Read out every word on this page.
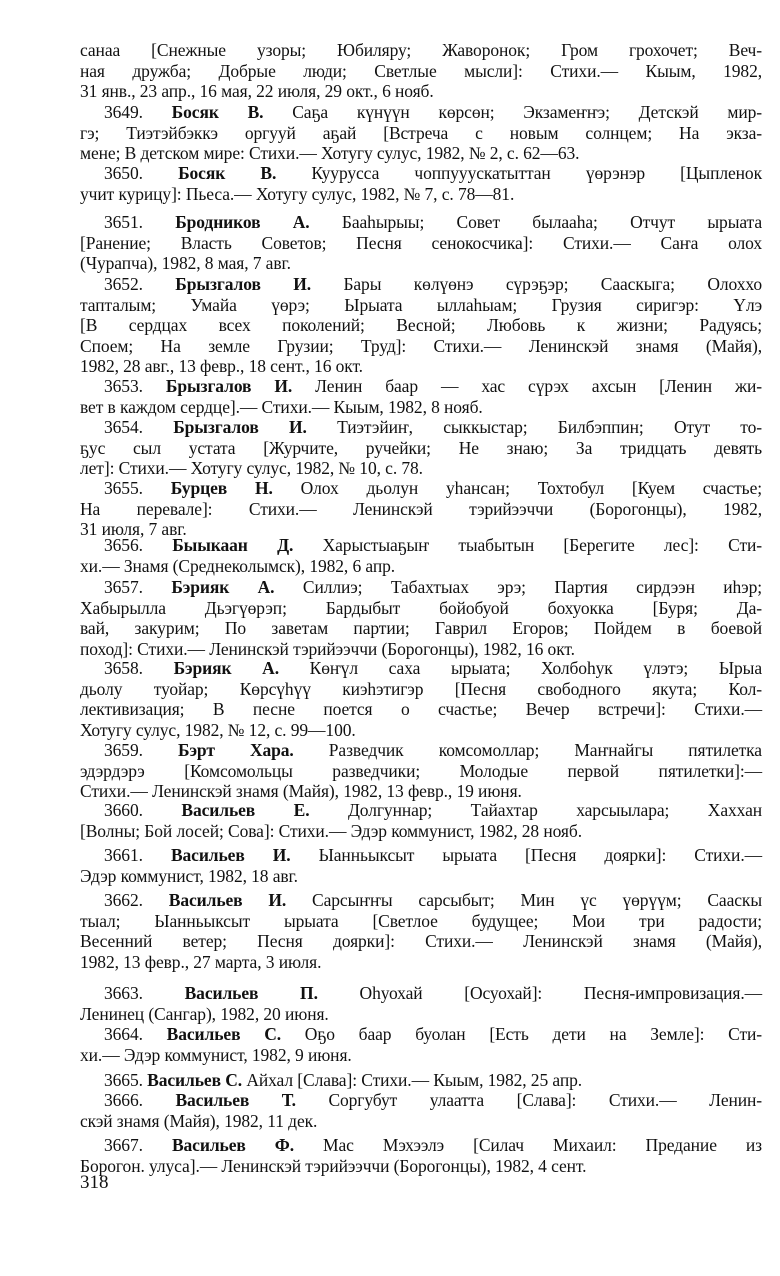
санаа [Снежные узоры; Юбиляру; Жаворонок; Гром грохочет; Веч-
ная дружба; Добрые люди; Светлые мысли]: Стихи.— Кыым, 1982,
31 янв., 23 апр., 16 мая, 22 июля, 29 окт., 6 нояб.
3649. Босяк В. Саҕа күнүүн көрсөн; Экзамеҥҥэ; Детскэй мир-
гэ; Тиэтэйбэккэ оргууй аҕай [Встреча с новым солнцем; На экза-
мене; В детском мире: Стихи.— Хотугу сулус, 1982, № 2, с. 62—63.
3650. Босяк В. Куурусса чоппууускатыттан үөрэнэр [Цыпленок
учит курицу]: Пьеса.— Хотугу сулус, 1982, № 7, с. 78—81.
3651. Бродников А. Бааһырыы; Совет былааһа; Отчут ырыата
[Ранение; Власть Советов; Песня сенокосчика]: Стихи.— Саҥа олох
(Чурапча), 1982, 8 мая, 7 авг.
3652. Брызгалов И. Бары көлүөнэ сүрэҕэр; Сааскыга; Олоххо
тапталым; Умайа үөрэ; Ырыата ыллаһыам; Грузия сиригэр: Үлэ
[В сердцах всех поколений; Весной; Любовь к жизни; Радуясь;
Споем; На земле Грузии; Труд]: Стихи.— Ленинскэй знамя (Майя),
1982, 28 авг., 13 февр., 18 сент., 16 окт.
3653. Брызгалов И. Ленин баар — хас сүрэх ахсын [Ленин жи-
вет в каждом сердце].— Стихи.— Кыым, 1982, 8 нояб.
3654. Брызгалов И. Тиэтэйиҥ, сыккыстар; Билбэппин; Отут то-
ҕус сыл устата [Журчите, ручейки; Не знаю; За тридцать девять
лет]: Стихи.— Хотугу сулус, 1982, № 10, с. 78.
3655. Бурцев Н. Олох дьолун уһансан; Тохтобул [Куем счастье;
На перевале]: Стихи.— Ленинскэй тэрийээччи (Борогонцы), 1982,
31 июля, 7 авг.
3656. Быыкаан Д. Харыстыаҕыҥ тыабытын [Берегите лес]: Сти-
хи.— Знамя (Среднеколымск), 1982, 6 апр.
3657. Бэрияк А. Силлиэ; Табахтыах эрэ; Партия сирдээн иһэр;
Хабырылла Дьэгүөрэп; Бардыбыт бойобуой бохуокка [Буря; Да-
вай, закурим; По заветам партии; Гаврил Егоров; Пойдем в боевой
поход]: Стихи.— Ленинскэй тэрийээччи (Борогонцы), 1982, 16 окт.
3658. Бэрияк А. Көҥүл саха ырыата; Холбоһук үлэтэ; Ырыа
дьолу туойар; Көрсүһүү киэһэтигэр [Песня свободного якута; Кол-
лективизация; В песне поется о счастье; Вечер встречи]: Стихи.—
Хотугу сулус, 1982, № 12, с. 99—100.
3659. Бэрт Хара. Разведчик комсомоллар; Маҥнайгы пятилетка
эдэрдэрэ [Комсомольцы разведчики; Молодые первой пятилетки]:—
Стихи.— Ленинскэй знамя (Майя), 1982, 13 февр., 19 июня.
3660. Васильев Е. Долгуннар; Тайахтар харсыылара; Хаххан
[Волны; Бой лосей; Сова]: Стихи.— Эдэр коммунист, 1982, 28 нояб.
3661. Васильев И. Ыанньыксыт ырыата [Песня доярки]: Стихи.—
Эдэр коммунист, 1982, 18 авг.
3662. Васильев И. Сарсыҥҥы сарсыбыт; Мин үс үөрүүм; Сааскы
тыал; Ыанньыксыт ырыата [Светлое будущее; Мои три радости;
Весенний ветер; Песня доярки]: Стихи.— Ленинскэй знамя (Майя),
1982, 13 февр., 27 марта, 3 июля.
3663. Васильев П. Оһуохай [Осуохай]: Песня-импровизация.—
Ленинец (Сангар), 1982, 20 июня.
3664. Васильев С. Оҕо баар буолан [Есть дети на Земле]: Сти-
хи.— Эдэр коммунист, 1982, 9 июня.
3665. Васильев С. Айхал [Слава]: Стихи.— Кыым, 1982, 25 апр.
3666. Васильев Т. Соргубут улаатта [Слава]: Стихи.— Ленин-
скэй знамя (Майя), 1982, 11 дек.
3667. Васильев Ф. Мас Мэхээлэ [Силач Михаил: Предание из
Борогон. улуса].— Ленинскэй тэрийээччи (Борогонцы), 1982, 4 сент.
318
